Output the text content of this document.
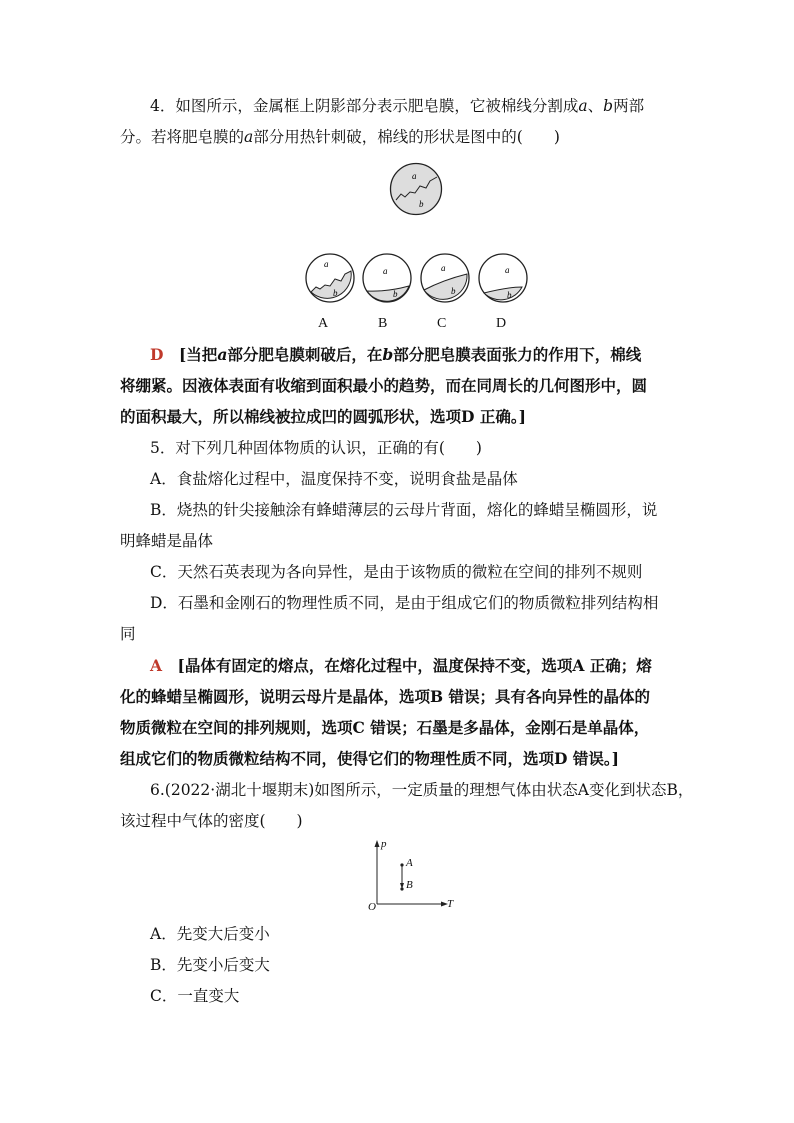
4．如图所示，金属框上阴影部分表示肥皂膜，它被棉线分割成a、b两部
分。若将肥皂膜的a部分用热针刺破，棉线的形状是图中的(　　)
a
b
a
b
a
b
a
b
a
b
A	B	C	D
D　 [当把a部分肥皂膜刺破后，在b部分肥皂膜表面张力的作用下，棉线
将绷紧。因液体表面有收缩到面积最小的趋势，而在同周长的几何图形中，圆
的面积最大，所以棉线被拉成凹的圆弧形状，选项D 正确。]
5．对下列几种固体物质的认识，正确的有(　　)
A．食盐熔化过程中，温度保持不变，说明食盐是晶体
B．烧热的针尖接触涂有蜂蜡薄层的云母片背面，熔化的蜂蜡呈椭圆形，说
明蜂蜡是晶体
C．天然石英表现为各向异性，是由于该物质的微粒在空间的排列不规则
D．石墨和金刚石的物理性质不同，是由于组成它们的物质微粒排列结构相
同
A　 [晶体有固定的熔点，在熔化过程中，温度保持不变，选项A 正确；熔
化的蜂蜡呈椭圆形，说明云母片是晶体，选项B 错误；具有各向异性的晶体的
物质微粒在空间的排列规则，选项C 错误；石墨是多晶体，金刚石是单晶体，
组成它们的物质微粒结构不同，使得它们的物理性质不同，选项D 错误。]
6.(2022·湖北十堰期末)如图所示，一定质量的理想气体由状态A变化到状态B，
该过程中气体的密度(　　)
p
T
O
A
B
A．先变大后变小
B．先变小后变大
C．一直变大
